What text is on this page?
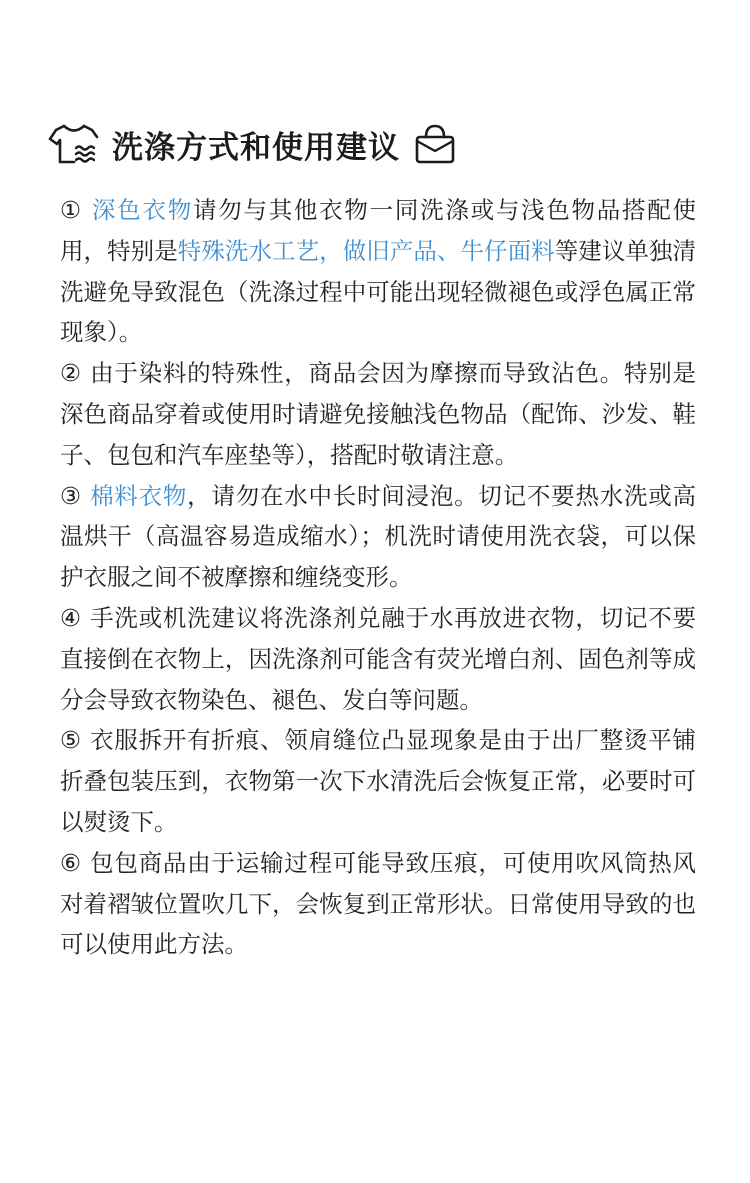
洗涤方式和使用建议

① 深色衣物请勿与其他衣物一同洗涤或与浅色物品搭配使用，特别是特殊洗水工艺，做旧产品、牛仔面料等建议单独清洗避免导致混色（洗涤过程中可能出现轻微褪色或浮色属正常现象）。

② 由于染料的特殊性，商品会因为摩擦而导致沾色。特别是深色商品穿着或使用时请避免接触浅色物品（配饰、沙发、鞋子、包包和汽车座垫等），搭配时敬请注意。

③ 棉料衣物，请勿在水中长时间浸泡。切记不要热水洗或高温烘干（高温容易造成缩水）；机洗时请使用洗衣袋，可以保护衣服之间不被摩擦和缠绕变形。

④ 手洗或机洗建议将洗涤剂兑融于水再放进衣物，切记不要直接倒在衣物上，因洗涤剂可能含有荧光增白剂、固色剂等成分会导致衣物染色、褪色、发白等问题。

⑤ 衣服拆开有折痕、领肩缝位凸显现象是由于出厂整烫平铺折叠包装压到，衣物第一次下水清洗后会恢复正常，必要时可以熨烫下。

⑥ 包包商品由于运输过程可能导致压痕，可使用吹风筒热风对着褶皱位置吹几下，会恢复到正常形状。日常使用导致的也可以使用此方法。
